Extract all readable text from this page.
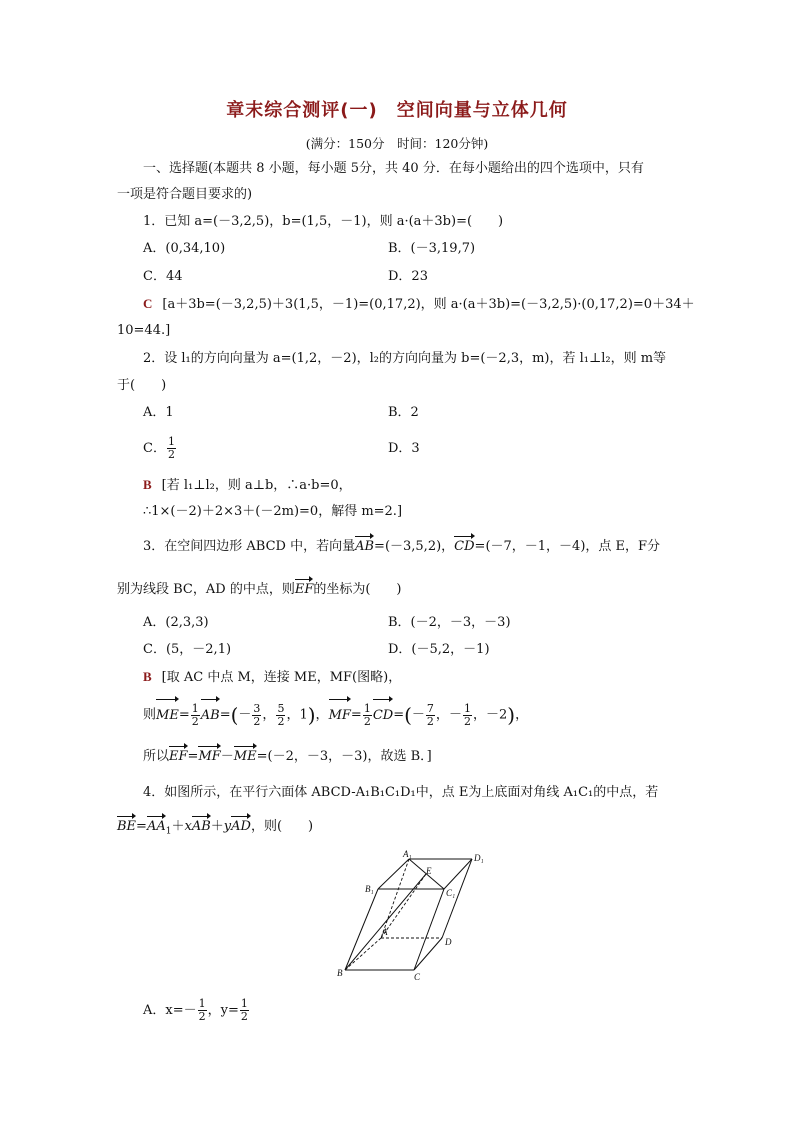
章末综合测评(一)　空间向量与立体几何
(满分：150分　时间：120分钟)
一、选择题(本题共 8 小题，每小题 5分，共 40 分．在每小题给出的四个选项中，只有
一项是符合题目要求的)
1．已知 a=(－3,2,5)，b=(1,5，－1)，则 a·(a＋3b)=(　　)
A．(0,34,10)	B．(－3,19,7)
C．44	D．23
C [a＋3b=(－3,2,5)＋3(1,5，－1)=(0,17,2)，则 a·(a＋3b)=(－3,2,5)·(0,17,2)=0＋34＋
10=44.]
2．设 l₁的方向向量为 a=(1,2，－2)，l₂的方向向量为 b=(－2,3，m)，若 l₁⊥l₂，则 m等
于(　　)
A．1	B．2
C． $\frac{1}{2}$	D．3
B [若 l₁⊥l₂，则 a⊥b，∴a·b=0，
∴1×(－2)＋2×3＋(－2m)=0，解得 m=2.]
3．在空间四边形 ABCD 中，若向量AB=(－3,5,2)，CD=(－7，－1，－4)，点 E，F分
别为线段 BC，AD 的中点，则EF的坐标为(　　)
A．(2,3,3)	B．(－2，－3，－3)
C．(5，－2,1)	D．(－5,2，－1)
B [取 AC 中点 M，连接 ME，MF(图略)，
则$ME= \frac{1}{2} AB=(- \frac{3}{2}$ ， $\frac{5}{2}$ ，1)，$MF= \frac{1}{2} CD=(- \frac{7}{2}$ ，－ $\frac{1}{2}$ ，－2)，
所以EF=MF－ME=(－2，－3，－3)，故选 B．]
4．如图所示，在平行六面体 ABCD-A₁B₁C₁D₁中，点 E为上底面对角线 A₁C₁的中点，若
$BE=AA_1+xAB+yAD$，则(　　)
A₁	D₁
E
B₁	C₁
A
D
B	C
A．$x=- \frac{1}{2}$ ，$y= \frac{1}{2}$
